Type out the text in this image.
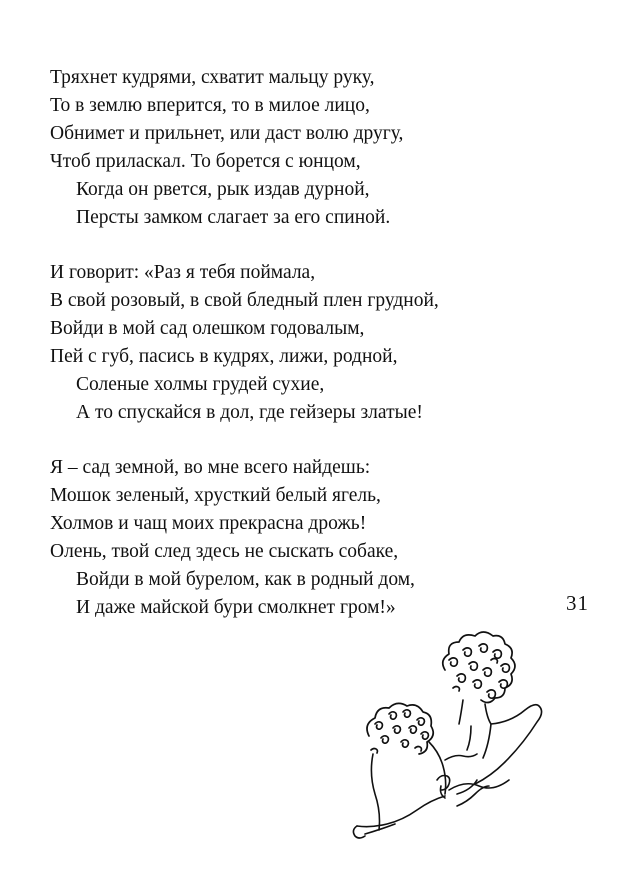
Тряхнет кудрями, схватит мальцу руку,
То в землю вперится, то в милое лицо,
Обнимет и прильнет, или даст волю другу,
Чтоб приласкал. То борется с юнцом,
Когда он рвется, рык издав дурной,
Персты замком слагает за его спиной.
И говорит: «Раз я тебя поймала,
В свой розовый, в свой бледный плен грудной,
Войди в мой сад олешком годовалым,
Пей с губ, пасись в кудрях, лижи, родной,
Соленые холмы грудей сухие,
А то спускайся в дол, где гейзеры златые!
Я – сад земной, во мне всего найдешь:
Мошок зеленый, хрусткий белый ягель,
Холмов и чащ моих прекрасна дрожь!
Олень, твой след здесь не сыскать собаке,
Войди в мой бурелом, как в родный дом,
И даже майской бури смолкнет гром!»	31
